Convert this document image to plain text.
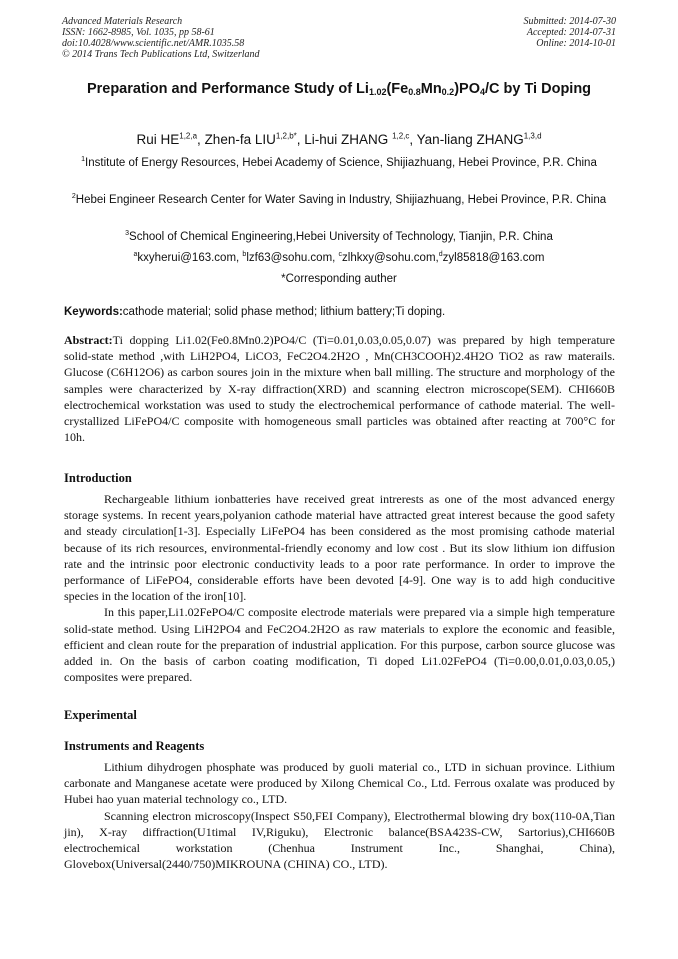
Advanced Materials Research
ISSN: 1662-8985, Vol. 1035, pp 58-61
doi:10.4028/www.scientific.net/AMR.1035.58
© 2014 Trans Tech Publications Ltd, Switzerland
Submitted: 2014-07-30
Accepted: 2014-07-31
Online: 2014-10-01
Preparation and Performance Study of $Li_{1.02}(Fe_{0.8}Mn_{0.2})PO_4/C$ by Ti Doping
Rui HE$^{1,2,a}$, Zhen-fa $LIU^{1,2,b*}$, Li-hui ZHANG $^{1,2,c}$, Yan-liang ZHANG$^{1,3,d}$
$^1$Institute of Energy Resources, Hebei Academy of Science, Shijiazhuang, Hebei Province, P.R. China
$^2$Hebei Engineer Research Center for Water Saving in Industry, Shijiazhuang, Hebei Province, P.R. China
$^3$School of Chemical Engineering,Hebei University of Technology, Tianjin, P.R. China
$^a$kxyherui@163.com, $^b$lzf63@sohu.com, $^c$zlhkxy@sohu.com,$^d$zyl85818@163.com
*Corresponding auther
Keywords:cathode material; solid phase method; lithium battery;Ti doping.

Abstract:Ti dopping Li1.02(Fe0.8Mn0.2)PO4/C (Ti=0.01,0.03,0.05,0.07) was prepared by high temperature solid-state method ,with LiH2PO4, LiCO3, FeC2O4.2H2O , Mn(CH3COOH)2.4H2O TiO2 as raw materails. Glucose (C6H12O6) as carbon soures join in the mixture when ball milling. The structure and morphology of the samples were characterized by X-ray diffraction(XRD) and scanning electron microscope(SEM). CHI660B electrochemical workstation was used to study the electrochemical performance of cathode material. The well-crystallized LiFePO4/C composite with homogeneous small particles was obtained after reacting at 700°C for 10h.

Introduction

Rechargeable lithium ionbatteries have received great intrerests as one of the most advanced energy storage systems. In recent years,polyanion cathode material have attracted great interest because the good safety and steady circulation[1-3]. Especially LiFePO4 has been considered as the most promising cathode material because of its rich resources, environmental-friendly economy and low cost . But its slow lithium ion diffusion rate and the intrinsic poor electronic conductivity leads to a poor rate performance. In order to improve the performance of LiFePO4, considerable efforts have been devoted [4-9]. One way is to add high conducitive species in the location of the iron[10].

In this paper,Li1.02FePO4/C composite electrode materials were prepared via a simple high temperature solid-state method. Using LiH2PO4 and FeC2O4.2H2O as raw materials to explore the economic and feasible, efficient and clean route for the preparation of industrial application. For this purpose, carbon source glucose was added in. On the basis of carbon coating modification, Ti doped Li1.02FePO4 (Ti=0.00,0.01,0.03,0.05,) composites were prepared.

Experimental
Instruments and Reagents

Lithium dihydrogen phosphate was produced by guoli material co., LTD in sichuan province. Lithium carbonate and Manganese acetate were produced by Xilong Chemical Co., Ltd. Ferrous oxalate was produced by Hubei hao yuan material technology co., LTD.

Scanning electron microscopy(Inspect S50,FEI Company), Electrothermal blowing dry box(110-0A,Tian jin), X-ray diffraction(U1timal IV,Riguku), Electronic balance(BSA423S-CW, Sartorius),CHI660B electrochemical workstation (Chenhua Instrument Inc., Shanghai, China), Glovebox(Universal(2440/750)MIKROUNA (CHINA) CO., LTD).
